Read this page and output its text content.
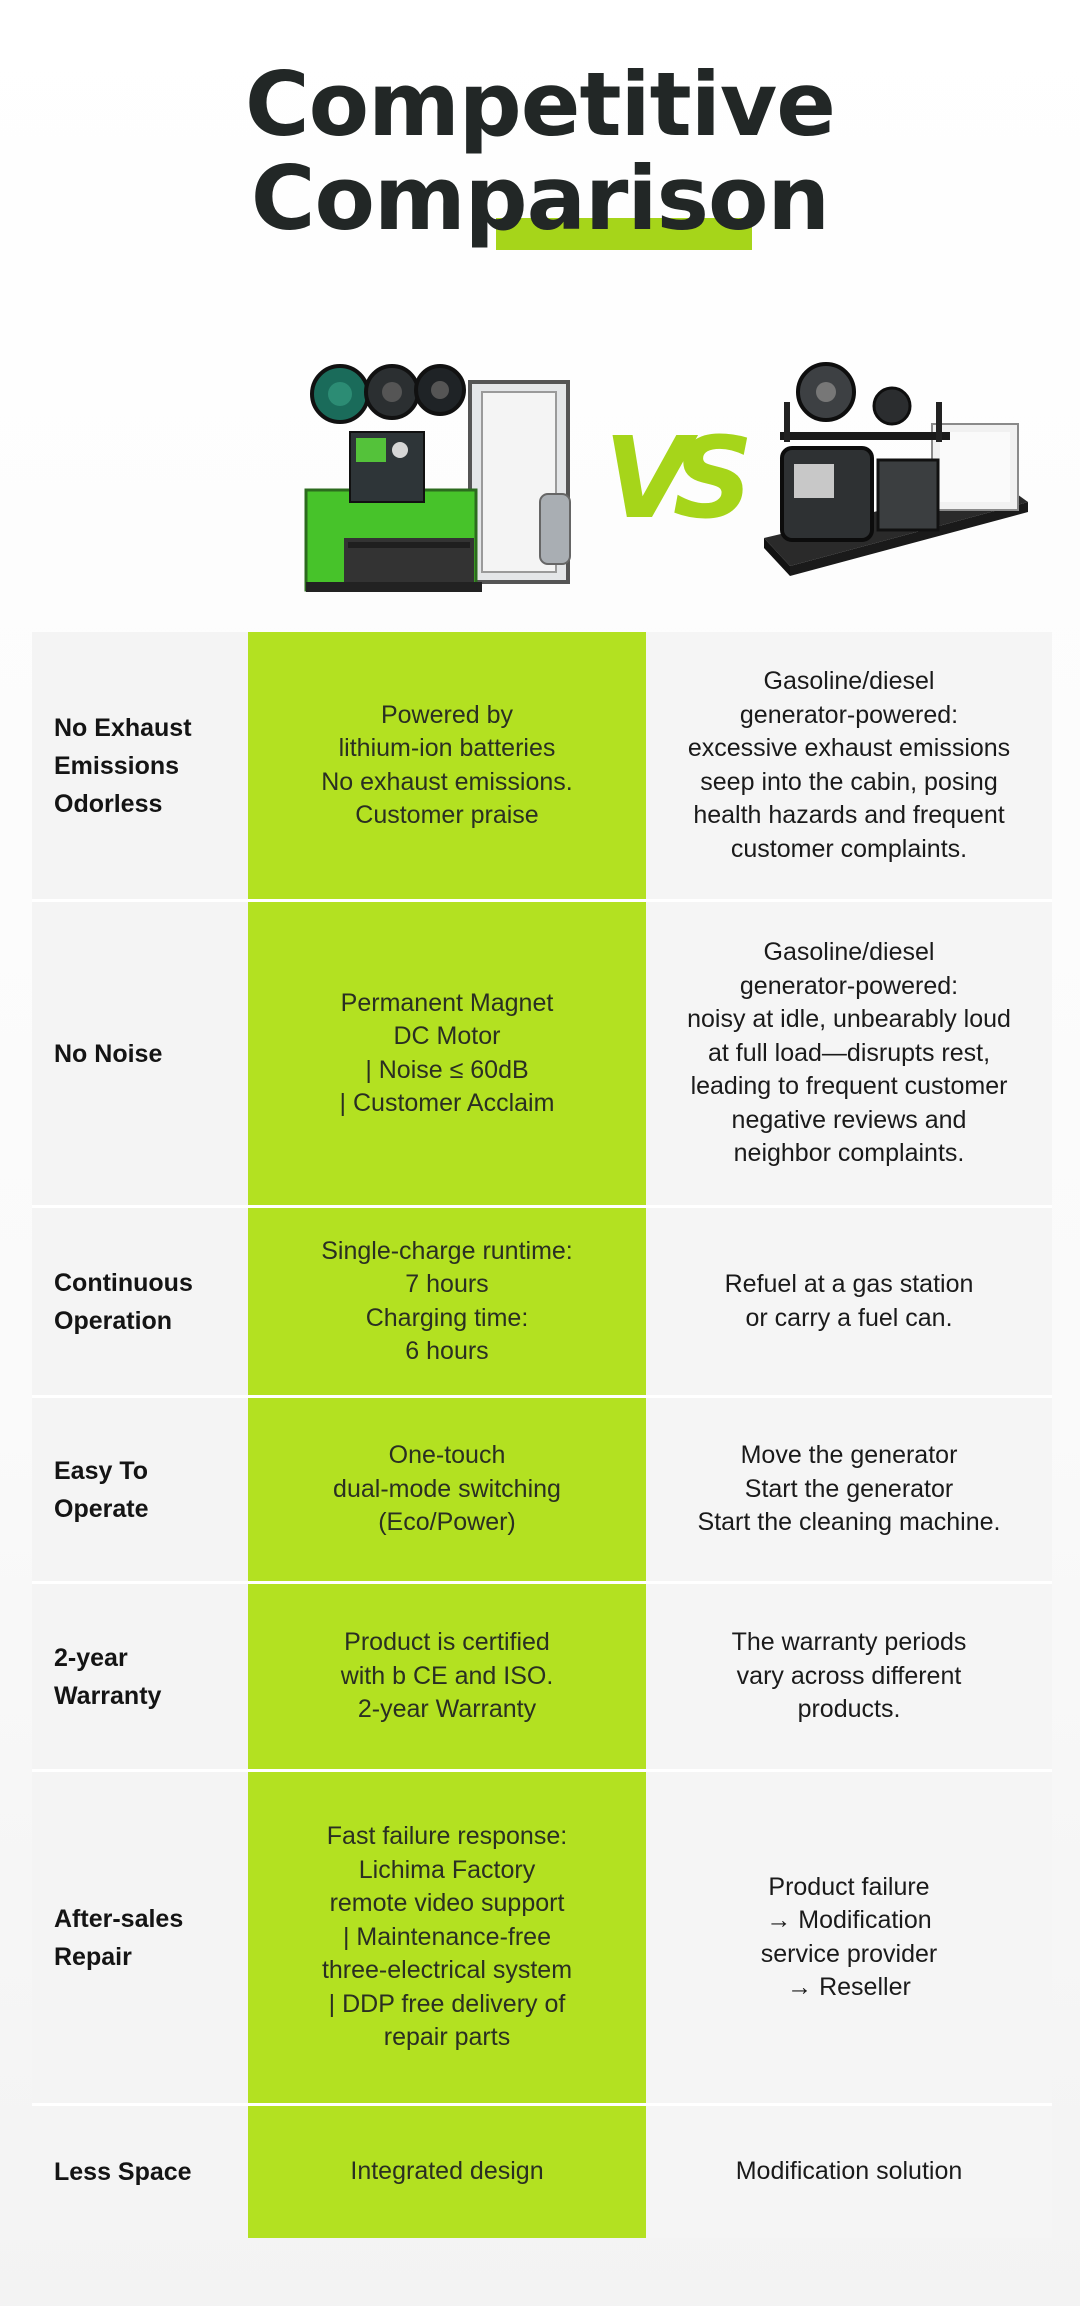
Competitive
Comparison
VS
No Exhaust
Emissions
Odorless
Powered by
lithium-ion batteries
No exhaust emissions.
Customer praise
Gasoline/diesel
generator-powered:
excessive exhaust emissions
seep into the cabin, posing
health hazards and frequent
customer complaints.
No Noise
Permanent Magnet
DC Motor
| Noise ≤ 60dB
| Customer Acclaim
Gasoline/diesel
generator-powered:
noisy at idle, unbearably loud
at full load—disrupts rest,
leading to frequent customer
negative reviews and
neighbor complaints.
Continuous
Operation
Single-charge runtime:
7 hours
Charging time:
6 hours
Refuel at a gas station
or carry a fuel can.
Easy To
Operate
One-touch
dual-mode switching
(Eco/Power)
Move the generator
Start the generator
Start the cleaning machine.
2-year
Warranty
Product is certified
with b CE and ISO.
2-year Warranty
The warranty periods
vary across different
products.
After-sales
Repair
Fast failure response:
Lichima Factory
remote video support
| Maintenance-free
three-electrical system
| DDP free delivery of
repair parts
Product failure
→ Modification
service provider
→ Reseller
Less Space	Integrated design	Modification solution
